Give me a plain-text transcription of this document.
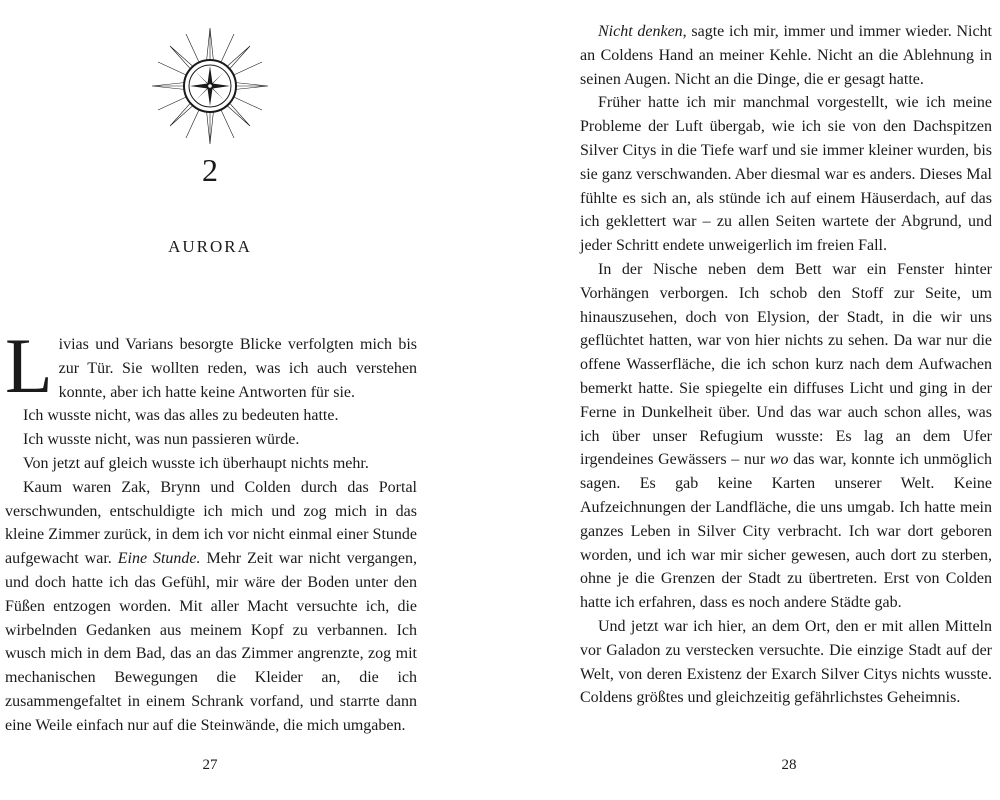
2
AURORA

Livias und Varians besorgte Blicke verfolgten mich bis zur Tür. Sie wollten reden, was ich auch verstehen konnte, aber ich hatte keine Antworten für sie.

Ich wusste nicht, was das alles zu bedeuten hatte.

Ich wusste nicht, was nun passieren würde.

Von jetzt auf gleich wusste ich überhaupt nichts mehr.

Kaum waren Zak, Brynn und Colden durch das Portal verschwunden, entschuldigte ich mich und zog mich in das kleine Zimmer zurück, in dem ich vor nicht einmal einer Stunde aufgewacht war. Eine Stunde. Mehr Zeit war nicht vergangen, und doch hatte ich das Gefühl, mir wäre der Boden unter den Füßen entzogen worden. Mit aller Macht versuchte ich, die wirbelnden Gedanken aus meinem Kopf zu verbannen. Ich wusch mich in dem Bad, das an das Zimmer angrenzte, zog mit mechanischen Bewegungen die Kleider an, die ich zusammengefaltet in einem Schrank vorfand, und starrte dann eine Weile einfach nur auf die Steinwände, die mich umgaben.

27

Nicht denken, sagte ich mir, immer und immer wieder. Nicht an Coldens Hand an meiner Kehle. Nicht an die Ablehnung in seinen Augen. Nicht an die Dinge, die er gesagt hatte.

Früher hatte ich mir manchmal vorgestellt, wie ich meine Probleme der Luft übergab, wie ich sie von den Dachspitzen Silver Citys in die Tiefe warf und sie immer kleiner wurden, bis sie ganz verschwanden. Aber diesmal war es anders. Dieses Mal fühlte es sich an, als stünde ich auf einem Häuserdach, auf das ich geklettert war – zu allen Seiten wartete der Abgrund, und jeder Schritt endete unweigerlich im freien Fall.

In der Nische neben dem Bett war ein Fenster hinter Vorhängen verborgen. Ich schob den Stoff zur Seite, um hinauszusehen, doch von Elysion, der Stadt, in die wir uns geflüchtet hatten, war von hier nichts zu sehen. Da war nur die offene Wasserfläche, die ich schon kurz nach dem Aufwachen bemerkt hatte. Sie spiegelte ein diffuses Licht und ging in der Ferne in Dunkelheit über. Und das war auch schon alles, was ich über unser Refugium wusste: Es lag an dem Ufer irgendeines Gewässers – nur wo das war, konnte ich unmöglich sagen. Es gab keine Karten unserer Welt. Keine Aufzeichnungen der Landfläche, die uns umgab. Ich hatte mein ganzes Leben in Silver City verbracht. Ich war dort geboren worden, und ich war mir sicher gewesen, auch dort zu sterben, ohne je die Grenzen der Stadt zu übertreten. Erst von Colden hatte ich erfahren, dass es noch andere Städte gab.

Und jetzt war ich hier, an dem Ort, den er mit allen Mitteln vor Galadon zu verstecken versuchte. Die einzige Stadt auf der Welt, von deren Existenz der Exarch Silver Citys nichts wusste. Coldens größtes und gleichzeitig gefährlichstes Geheimnis.

28
